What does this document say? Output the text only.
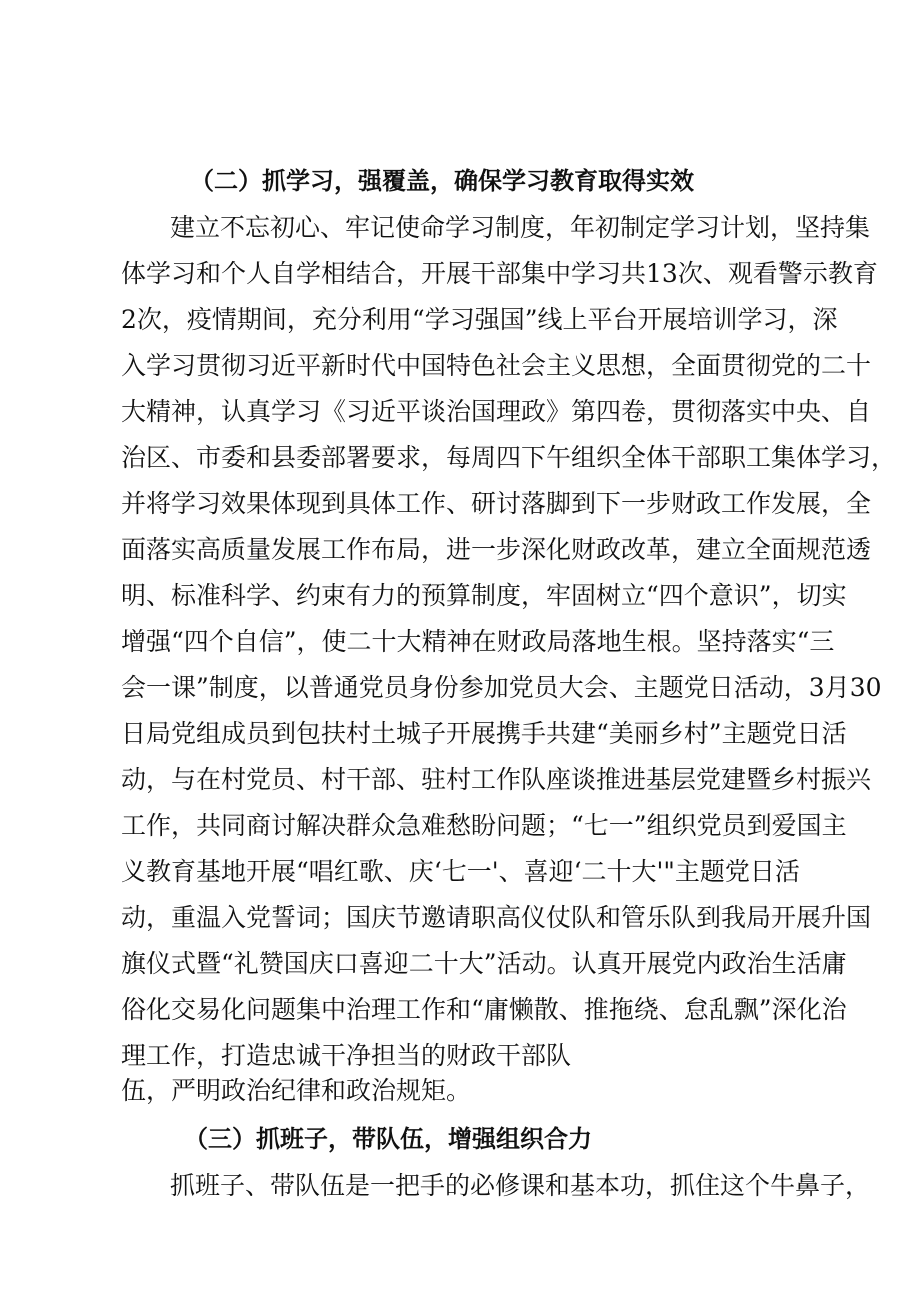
（二）抓学习，强覆盖，确保学习教育取得实效
建立不忘初心、牢记使命学习制度，年初制定学习计划，坚持集
体学习和个人自学相结合，开展干部集中学习共13次、观看警示教育
2次，疫情期间，充分利用“学习强国”线上平台开展培训学习，深
入学习贯彻习近平新时代中国特色社会主义思想，全面贯彻党的二十
大精神，认真学习《习近平谈治国理政》第四卷，贯彻落实中央、自
治区、市委和县委部署要求，每周四下午组织全体干部职工集体学习，
并将学习效果体现到具体工作、研讨落脚到下一步财政工作发展，全
面落实高质量发展工作布局，进一步深化财政改革，建立全面规范透
明、标准科学、约束有力的预算制度，牢固树立“四个意识”，切实
增强“四个自信”，使二十大精神在财政局落地生根。坚持落实“三
会一课”制度，以普通党员身份参加党员大会、主题党日活动，3月30
日局党组成员到包扶村土城子开展携手共建“美丽乡村”主题党日活
动，与在村党员、村干部、驻村工作队座谈推进基层党建暨乡村振兴
工作，共同商讨解决群众急难愁盼问题；“七一”组织党员到爱国主
义教育基地开展“唱红歌、庆‘七一'、喜迎‘二十大'"主题党日活
动，重温入党誓词；国庆节邀请职高仪仗队和管乐队到我局开展升国
旗仪式暨“礼赞国庆口喜迎二十大”活动。认真开展党内政治生活庸
俗化交易化问题集中治理工作和“庸懒散、推拖绕、怠乱飘”深化治
理工作，打造忠诚干净担当的财政干部队
伍，严明政治纪律和政治规矩。
（三）抓班子，带队伍，增强组织合力
抓班子、带队伍是一把手的必修课和基本功，抓住这个牛鼻子，
